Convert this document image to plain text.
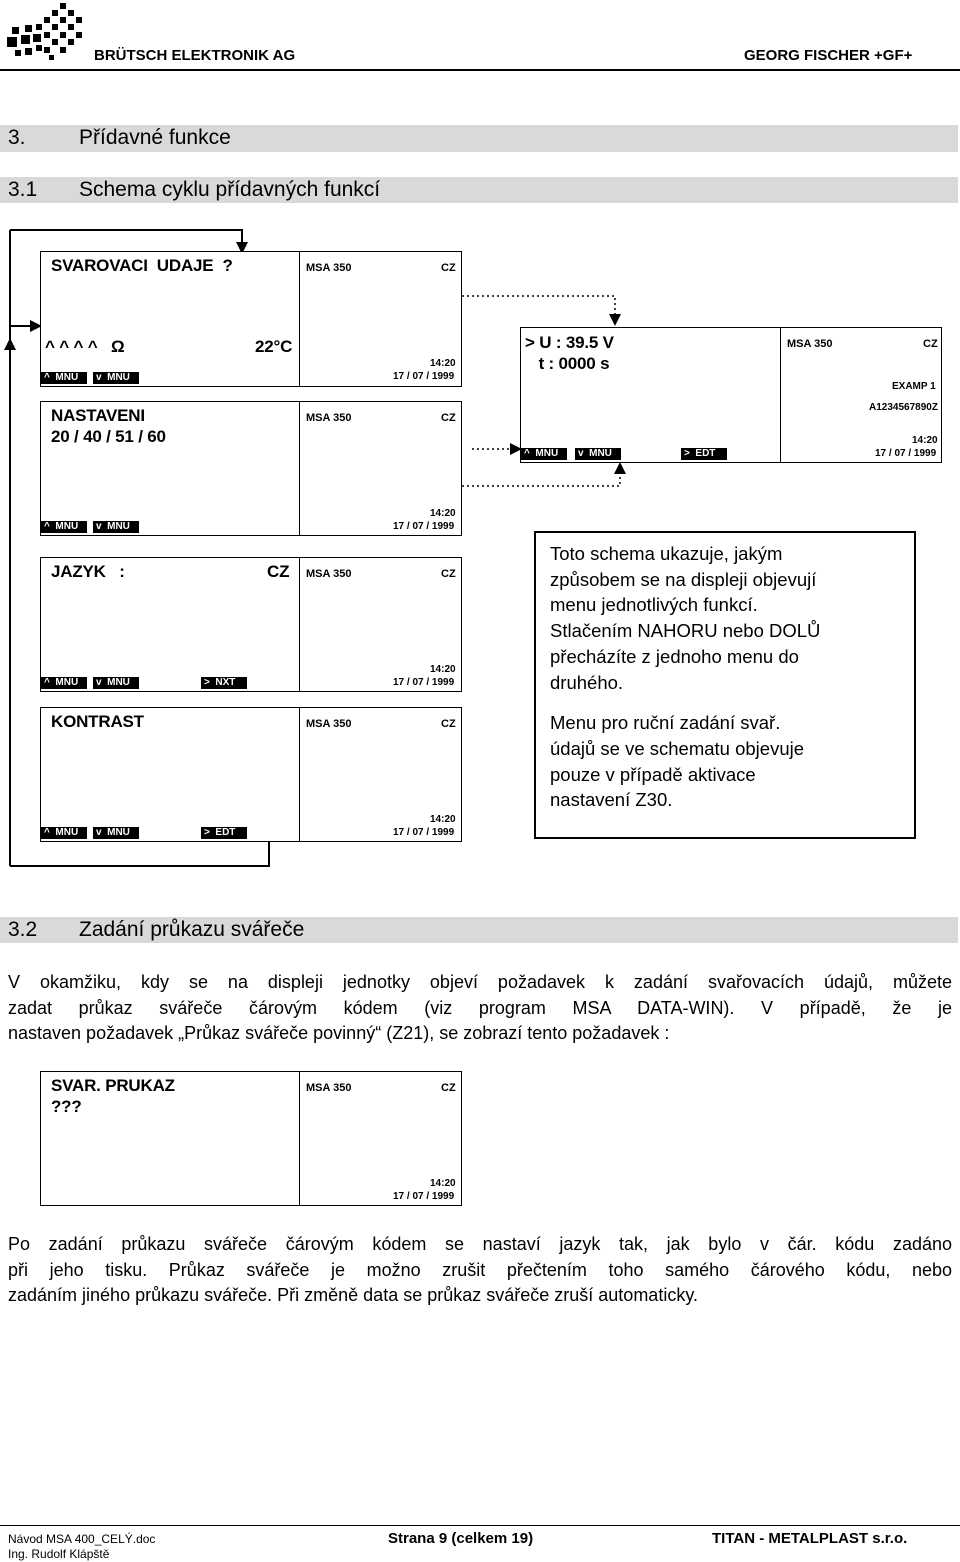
BRÜTSCH ELEKTRONIK AG	GEORG FISCHER +GF+
3.	Přídavné funkce
3.1 Schema cyklu přídavných funkcí
SVAROVACI  UDAJE  ?
^ ^ ^ ^   Ω	22°C
MSA 350	CZ
14:20
17 / 07 / 1999
^  MNU	v  MNU
NASTAVENI
20 / 40 / 51 / 60
MSA 350	CZ
14:20
17 / 07 / 1999
^  MNU	v  MNU
JAZYK   :	CZ MSA 350	CZ
14:20
17 / 07 / 1999
^  MNU	v  MNU	>  NXT
KONTRAST	MSA 350	CZ
14:20
17 / 07 / 1999
^  MNU	v  MNU	>  EDT
> U : 39.5 V
t : 0000 s
MSA 350	CZ
EXAMP 1
A1234567890Z
14:20
17 / 07 / 1999
^  MNU	v  MNU	>  EDT
Toto schema ukazuje, jakým
způsobem se na displeji objevují
menu jednotlivých funkcí.
Stlačením NAHORU nebo DOLŮ
přecházíte z jednoho menu do
druhého.
Menu pro ruční zadání svař.
údajů se ve schematu objevuje
pouze v případě aktivace
nastavení Z30.
3.2 Zadání průkazu svářeče
V okamžiku, kdy se na displeji jednotky objeví požadavek k zadání svařovacích údajů, můžete
zadat průkaz svářeče čárovým kódem (viz program MSA DATA-WIN). V případě, že je
nastaven požadavek „Průkaz svářeče povinný“ (Z21), se zobrazí tento požadavek :
SVAR. PRUKAZ
???
MSA 350	CZ
14:20
17 / 07 / 1999
Po zadání průkazu svářeče čárovým kódem se nastaví jazyk tak, jak bylo v čár. kódu zadáno
při jeho tisku. Průkaz svářeče je možno zrušit přečtením toho samého čárového kódu, nebo
zadáním jiného průkazu svářeče. Při změně data se průkaz svářeče zruší automaticky.
Návod MSA 400_CELÝ.doc
Ing. Rudolf Klápště
Strana 9 (celkem 19)	TITAN - METALPLAST s.r.o.
